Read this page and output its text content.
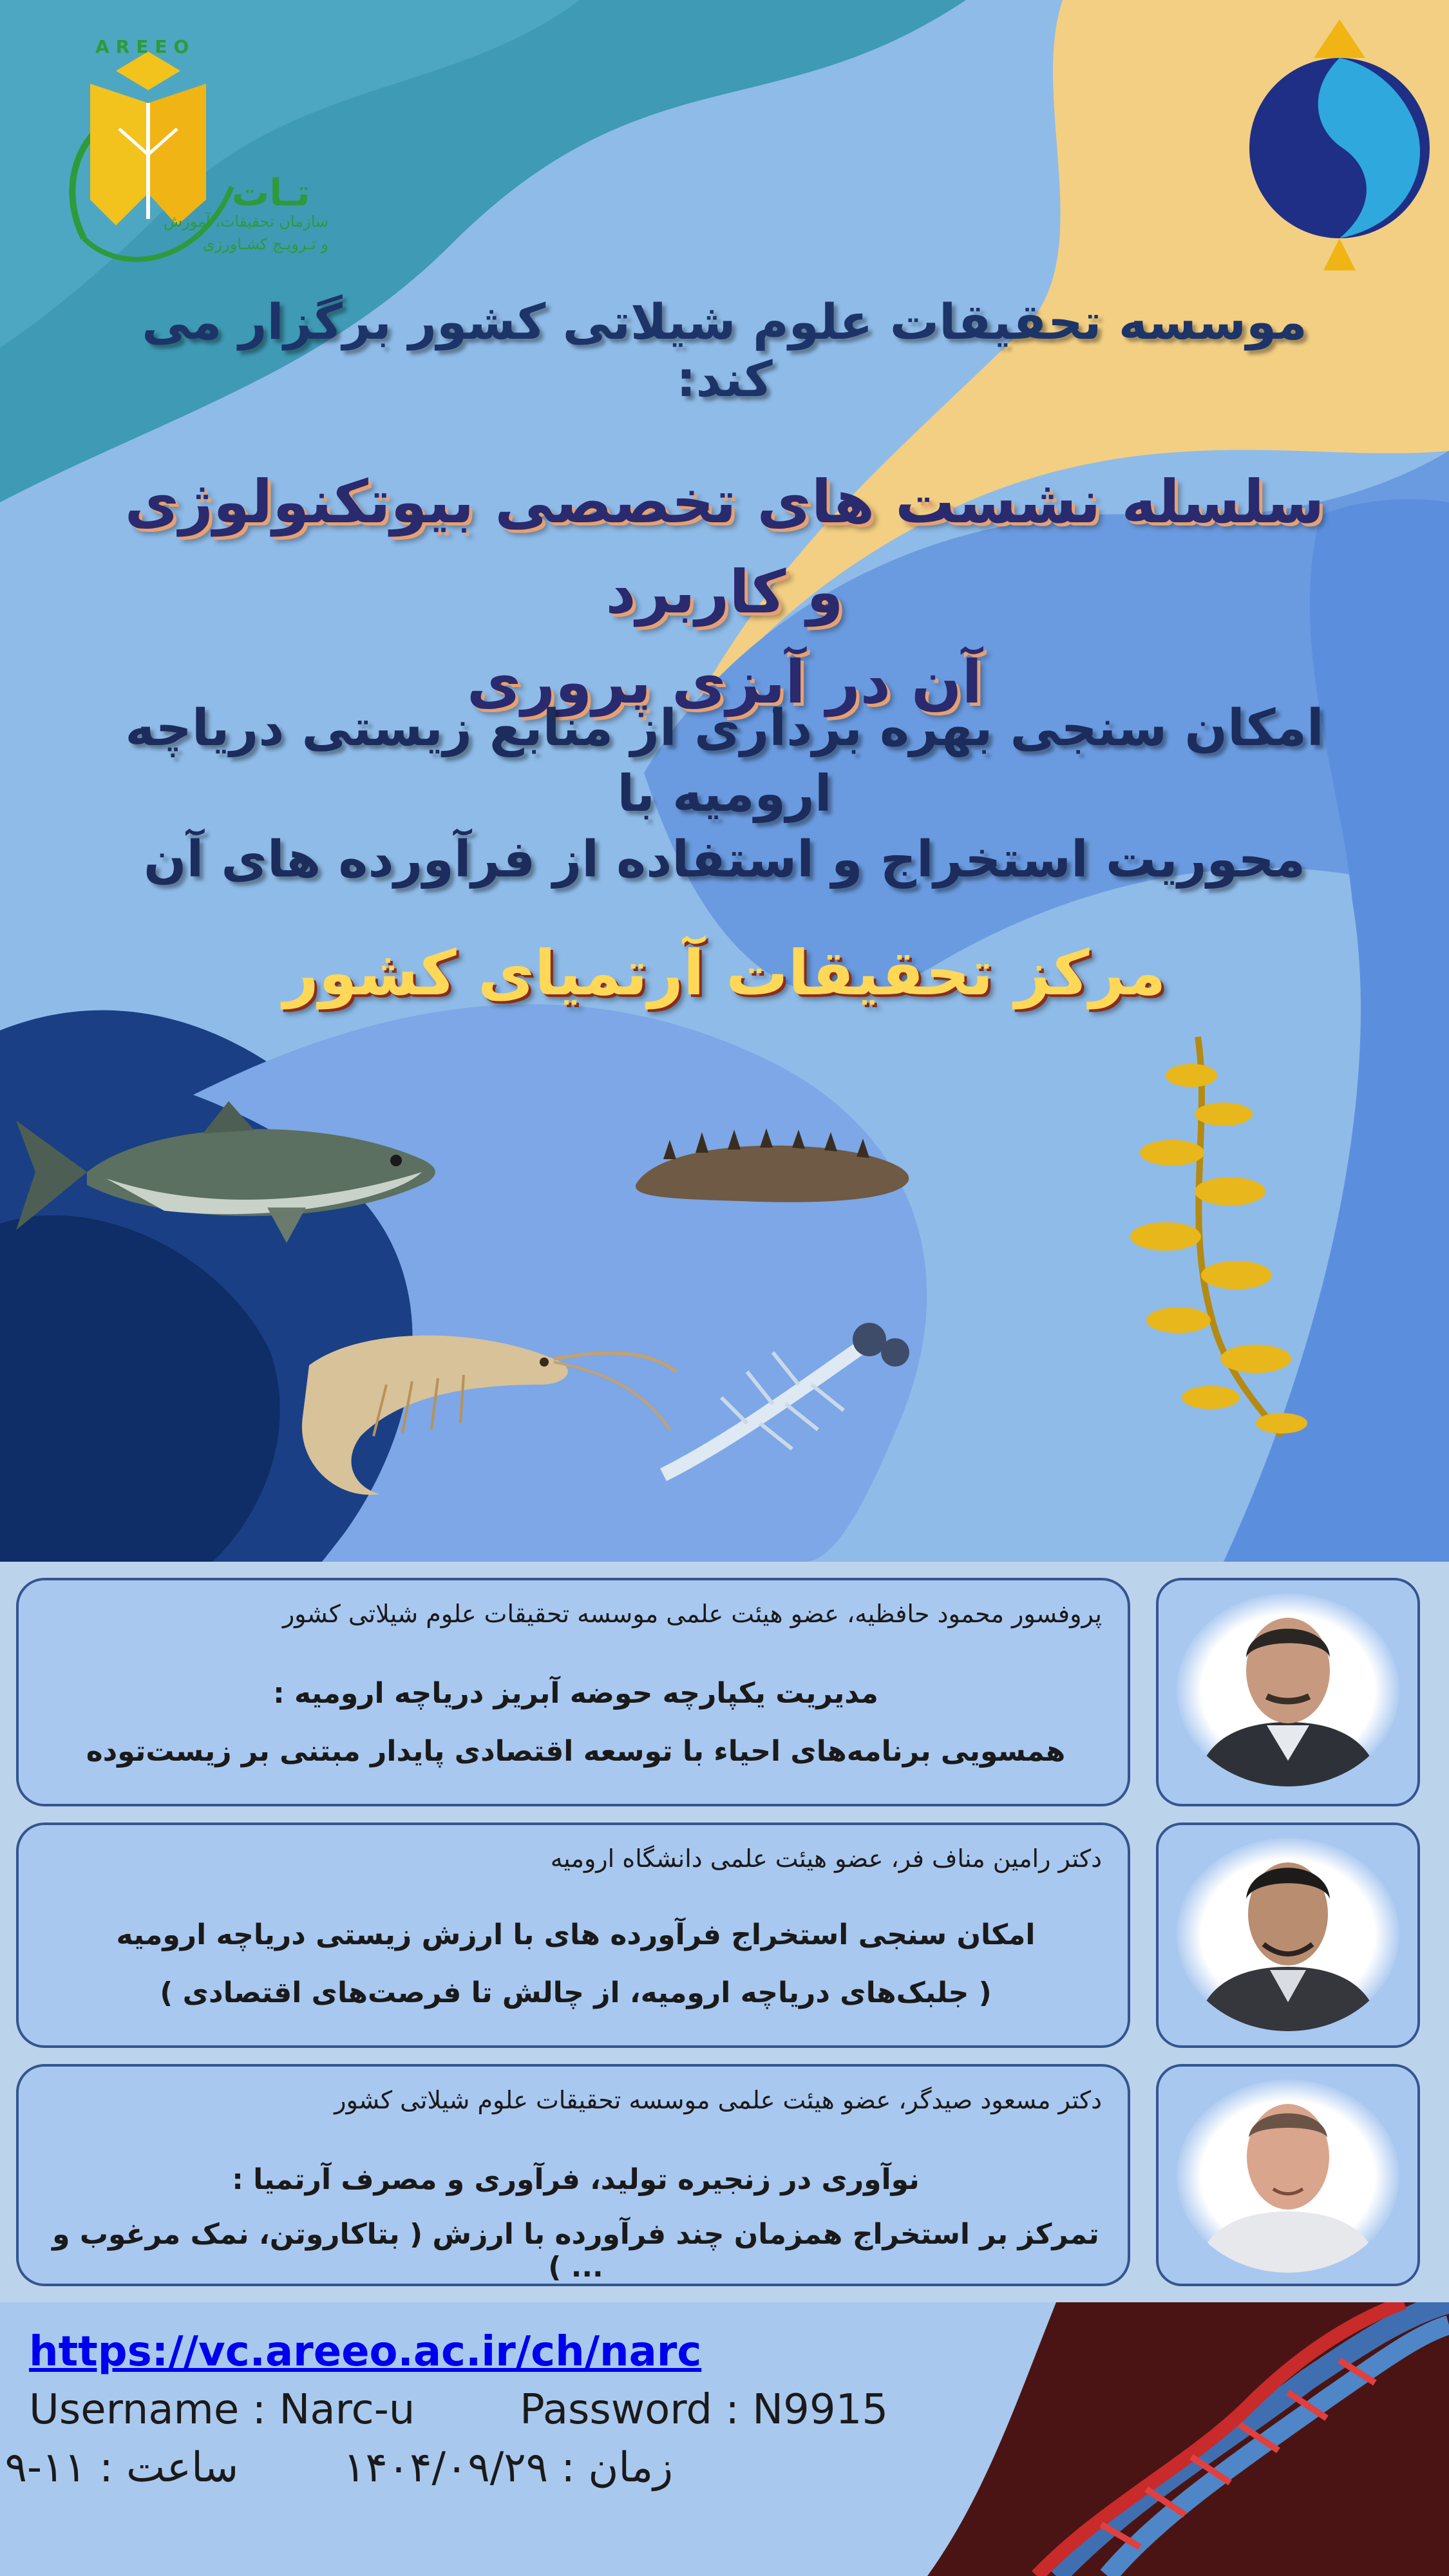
AREEO
تـات
سازمان تحقیقات، آموزش
و تـرویـج کشـاورزی
موسسه تحقیقات علوم شیلاتی کشور برگزار می کند:
سلسله نشست های تخصصی بیوتکنولوژی و کاربرد
آن در آبزی پروری
امکان سنجی بهره برداری از منابع زیستی دریاچه ارومیه با
محوریت استخراج و استفاده از فرآورده های آن
مرکز تحقیقات آرتمیای کشور
پروفسور محمود حافظیه، عضو هیئت علمی موسسه تحقیقات علوم شیلاتی کشور
مدیریت یکپارچه حوضه آبریز دریاچه ارومیه :
همسویی برنامه‌های احیاء با توسعه اقتصادی پایدار مبتنی بر زیست‌توده
دکتر رامین مناف فر، عضو هیئت علمی دانشگاه ارومیه
امکان سنجی استخراج فرآورده های با ارزش زیستی دریاچه ارومیه
( جلبک‌های دریاچه ارومیه، از چالش تا فرصت‌های اقتصادی )
دکتر مسعود صیدگر، عضو هیئت علمی موسسه تحقیقات علوم شیلاتی کشور
نوآوری در زنجیره تولید، فرآوری و مصرف آرتمیا :
تمرکز بر استخراج همزمان چند فرآورده با ارزش ( بتاکاروتن، نمک مرغوب و ... )
https://vc.areeo.ac.ir/ch/narc
Username : Narc-u        Password : N9915
زمان : ۱۴۰۴/۰۹/۲۹        ساعت : ۱۱-۹
